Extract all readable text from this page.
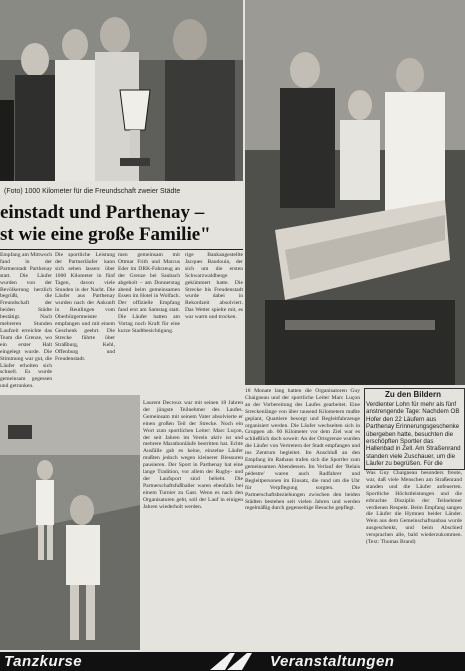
(Foto) 1000 Kilometer für die Freundschaft zweier Städte
einstadt und Parthenay –
st wie eine große Familie"
Empfang am Mittwoch fand in der Partnerstadt Parthenay statt. Die Läufer wurden von der Bevölkerung herzlich begrüßt, die Freundschaft der beiden Städte bestätigt. Nach mehreren Stunden Laufzeit erreichte das Team die Grenze, wo ein erster Halt eingelegt wurde. Die Stimmung war gut, die Läufer erholten sich schnell. Es wurde gemeinsam gegessen und getrunken.
Die sportliche Leistung der Partnerläufer kann sich sehen lassen: über 1000 Kilometer in fünf Tagen, davon viele Stunden in der Nacht. Die Läufer aus Parthenay wurden nach der Ankunft in Reutlingen vom Oberbürgermeister empfangen und mit einem Geschenk geehrt. Die Strecke führte über Straßburg, Kehl, Offenburg und Freudenstadt.
men gemeinsam mit Ottmar Frith und Marcus Eder im DRK-Fahrzeug an der Grenze bei Saubach abgeholt – am Donnerstag abend beim gemeinsamen Essen im Hotel in Wolfach. Der offizielle Empfang fand erst am Samstag statt. Die Läufer hatten am Vortag noch Kraft für eine kurze Stadtbesichtigung.
rige Bankangestellte Jacques Baudouin, der sich um die ersten Schwarzwaldberge gekümmert hatte. Die Strecke bis Freudenstadt wurde dabei in Rekordzeit absolviert. Das Wetter spielte mit, es war warm und trocken.
Laurent Decroux war mit seinen 18 Jahren der jüngste Teilnehmer des Laufes. Gemeinsam mit seinem Vater absolvierte er einen großen Teil der Strecke. Noch ein Wort zum sportlichen Leiter: Marc Luçon, der seit Jahren im Verein aktiv ist und mehrere Marathonläufe bestritten hat. Echte Ausfälle gab es keine, einzelne Läufer mußten jedoch wegen kleinerer Blessuren pausieren. Der Sport in Parthenay hat eine lange Tradition, vor allem der Rugby- und der Laufsport sind beliebt. Die Partnerschaftsfußballer waren ebenfalls bei einem Turnier zu Gast. Wenn es nach den Organisatoren geht, soll der Lauf in einigen Jahren wiederholt werden.
18 Monate lang hatten die Organisatoren Guy Chaigneau und der sportliche Leiter Marc Luçon an der Vorbereitung des Laufes gearbeitet. Eine Streckenlänge von über tausend Kilometern mußte geplant, Quartiere besorgt und Begleitfahrzeuge organisiert werden. Die Läufer wechselten sich in Gruppen ab. 60 Kilometer vor dem Ziel war es schließlich doch soweit: An der Ortsgrenze wurden die Läufer von Vertretern der Stadt empfangen und ins Zentrum begleitet. Im Anschluß an den Empfang im Rathaus trafen sich die Sportler zum gemeinsamen Abendessen. Im Verlauf der 'Relais pédestre' waren auch Radfahrer und Begleitpersonen im Einsatz, die rund um die Uhr für Verpflegung sorgten. Die Partnerschaftsbeziehungen zwischen den beiden Städten bestehen seit vielen Jahren und werden regelmäßig durch gegenseitige Besuche gepflegt.
Zu den Bildern
Verdienter Lohn für mehr als fünf anstrengende Tage: Nachdem OB Hofer den 22 Läufern aus Parthenay Erinnerungsgeschenke übergeben hatte, besuchten die erschöpften Sportler das Hallenbad in Zell. Am Straßenrand standen viele Zuschauer, um die Läufer zu begrüßen. Für die
Was Guy Chaigneau besonders freute, war, daß viele Menschen am Straßenrand standen und die Läufer anfeuerten. Sportliche Höchstleistungen und die erbrachte Disziplin der Teilnehmer verdienen Respekt. Beim Empfang sangen die Läufer die Hymnen beider Länder. Wein aus dem Gemeinschaftsanbau wurde ausgeschenkt, und beim Abschied versprachen alle, bald wiederzukommen. (Text: Thomas Brand)
Tanzkurse	Veranstaltungen
